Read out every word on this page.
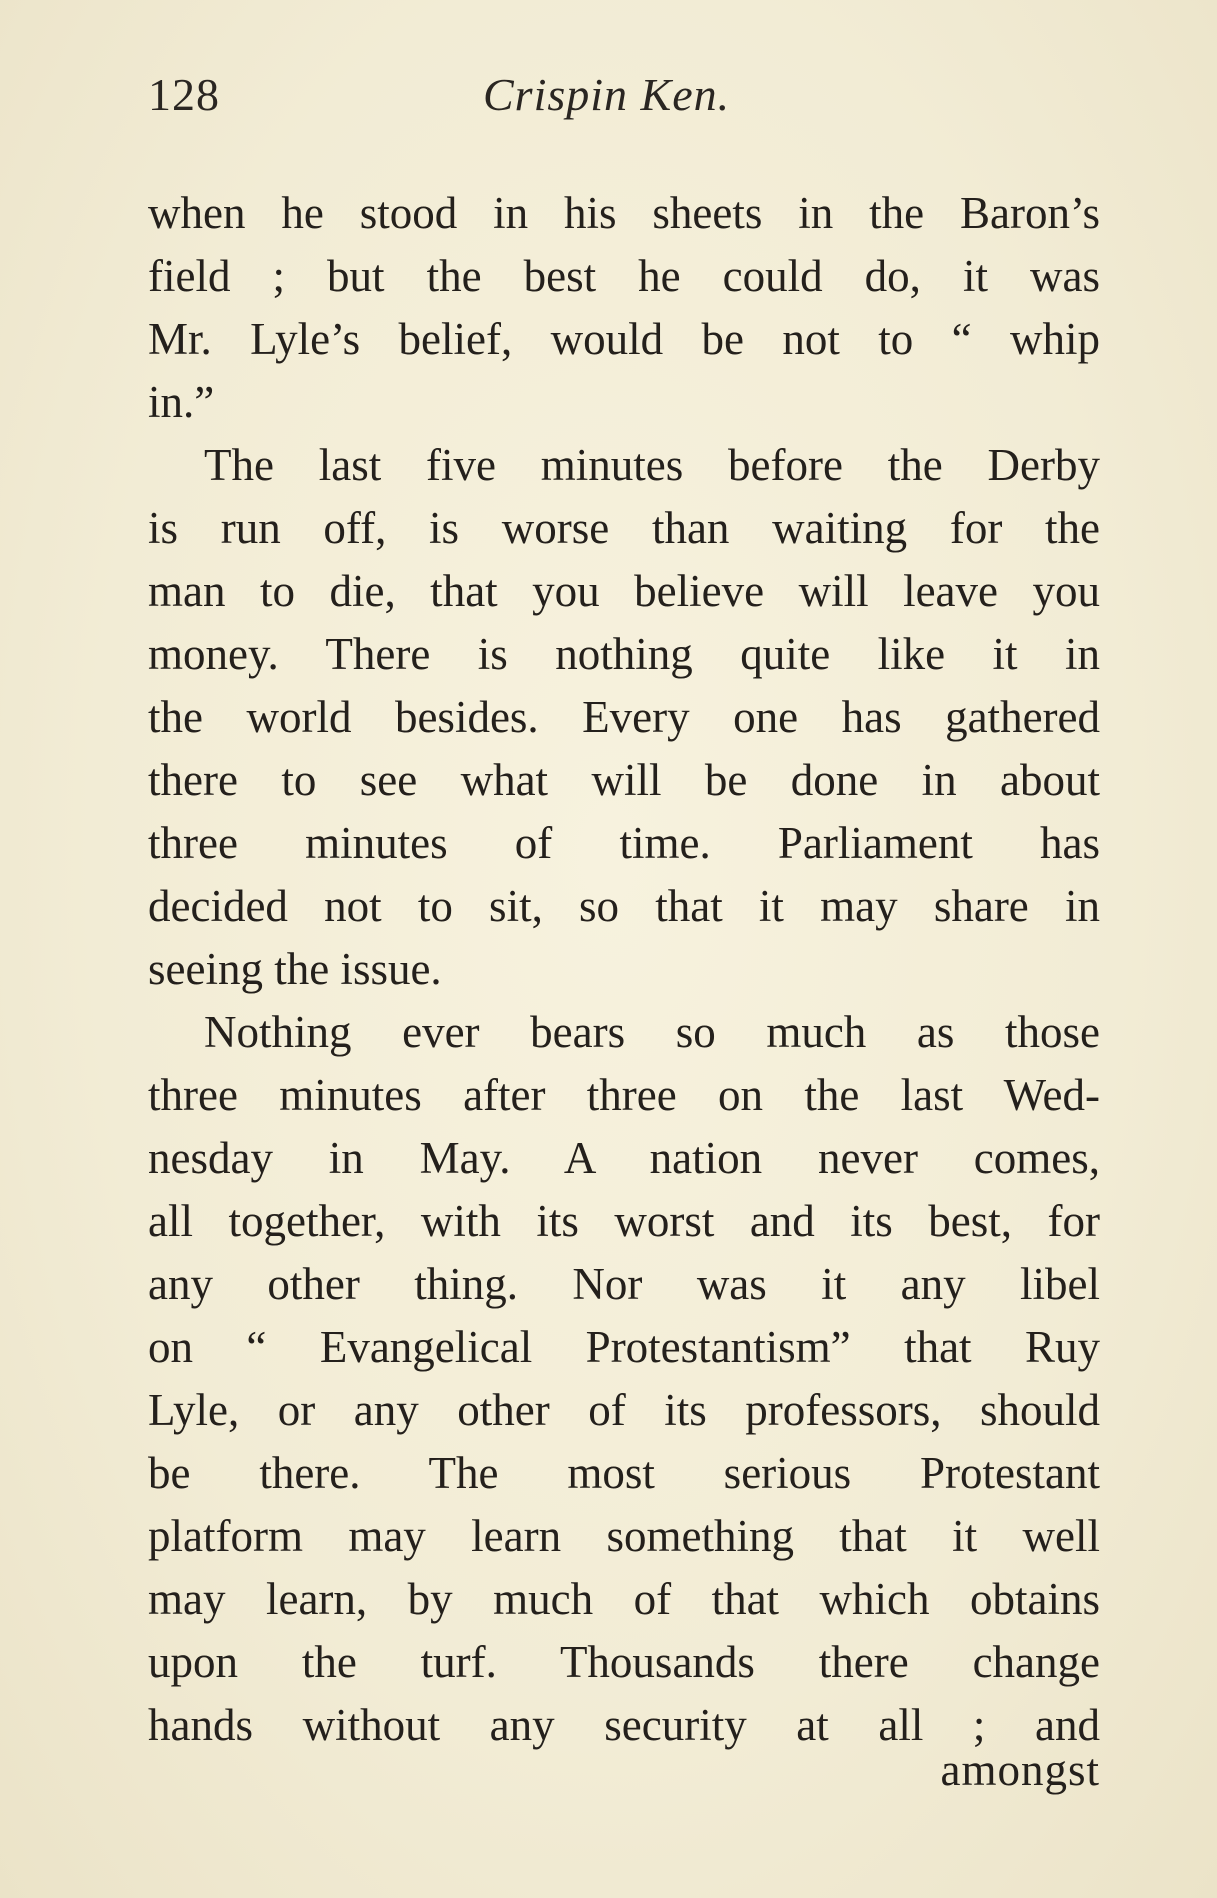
128	Crispin Ken.
when he stood in his sheets in the Baron’s
field ; but the best he could do, it was
Mr. Lyle’s belief, would be not to “ whip
in.”
The last five minutes before the Derby
is run off, is worse than waiting for the
man to die, that you believe will leave you
money. There is nothing quite like it in
the world besides. Every one has gathered
there to see what will be done in about
three minutes of time. Parliament has
decided not to sit, so that it may share in
seeing the issue.
Nothing ever bears so much as those
three minutes after three on the last Wed-
nesday in May. A nation never comes,
all together, with its worst and its best, for
any other thing. Nor was it any libel
on “ Evangelical Protestantism” that Ruy
Lyle, or any other of its professors, should
be there. The most serious Protestant
platform may learn something that it well
may learn, by much of that which obtains
upon the turf. Thousands there change
hands without any security at all ; and
amongst
